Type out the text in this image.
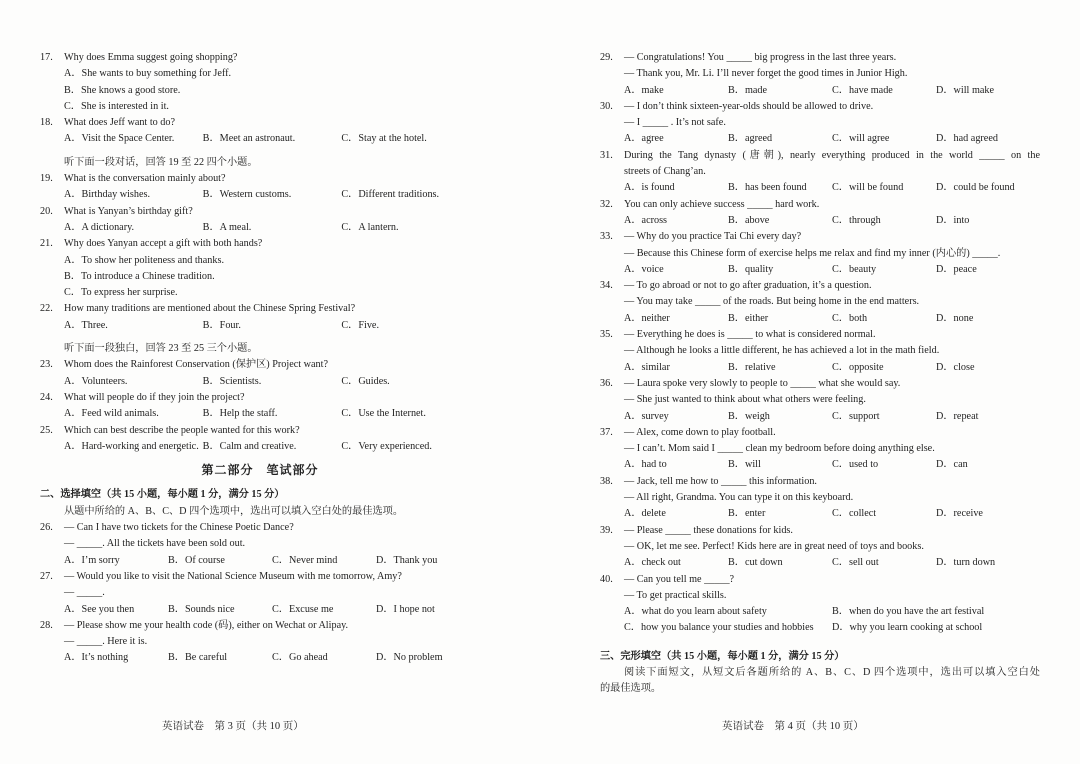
17.	Why does Emma suggest going shopping?
A．She wants to buy something for Jeff.
B．She knows a good store.
C．She is interested in it.
18.	What does Jeff want to do?
A．Visit the Space Center.	B．Meet an astronaut.	C．Stay at the hotel.
听下面一段对话，回答 19 至 22 四个小题。
19.	What is the conversation mainly about?
A．Birthday wishes.	B．Western customs.	C．Different traditions.
20.	What is Yanyan’s birthday gift?
A．A dictionary.	B．A meal.	C．A lantern.
21.	Why does Yanyan accept a gift with both hands?
A．To show her politeness and thanks.
B．To introduce a Chinese tradition.
C．To express her surprise.
22.	How many traditions are mentioned about the Chinese Spring Festival?
A．Three.	B．Four.	C．Five.
听下面一段独白，回答 23 至 25 三个小题。
23.	Whom does the Rainforest Conservation (保护区) Project want?
A．Volunteers.	B．Scientists.	C．Guides.
24.	What will people do if they join the project?
A．Feed wild animals.	B．Help the staff.	C．Use the Internet.
25.	Which can best describe the people wanted for this work?
A．Hard-working and energetic. B．Calm and creative.	C．Very experienced.
第二部分　笔试部分
二、选择填空（共 15 小题，每小题 1 分，满分 15 分）
从题中所给的 A、B、C、D 四个选项中，选出可以填入空白处的最佳选项。
26.	— Can I have two tickets for the Chinese Poetic Dance?
— _____. All the tickets have been sold out.
A．I’m sorry	B．Of course	C．Never mind	D．Thank you
27.	— Would you like to visit the National Science Museum with me tomorrow, Amy?
— _____.
A．See you then	B．Sounds nice	C．Excuse me	D．I hope not
28.	— Please show me your health code (码), either on Wechat or Alipay.
— _____. Here it is.
A．It’s nothing	B．Be careful	C．Go ahead	D．No problem
英语试卷　第 3 页（共 10 页）
29.	— Congratulations! You _____ big progress in the last three years.
— Thank you, Mr. Li. I’ll never forget the good times in Junior High.
A．make	B．made	C．have made	D．will make
30.	— I don’t think sixteen-year-olds should be allowed to drive.
— I _____ . It’s not safe.
A．agree	B．agreed	C．will agree	D．had agreed
31.	During the Tang dynasty (唐朝), nearly everything produced in the world _____ on the
streets of Chang’an.
A．is found	B．has been found	C．will be found	D．could be found
32.	You can only achieve success _____ hard work.
A．across	B．above	C．through	D．into
33.	— Why do you practice Tai Chi every day?
— Because this Chinese form of exercise helps me relax and find my inner (内心的) _____.
A．voice	B．quality	C．beauty	D．peace
34.	— To go abroad or not to go after graduation, it’s a question.
— You may take _____ of the roads. But being home in the end matters.
A．neither	B．either	C．both	D．none
35.	— Everything he does is _____ to what is considered normal.
— Although he looks a little different, he has achieved a lot in the math field.
A．similar	B．relative	C．opposite	D．close
36.	— Laura spoke very slowly to people to _____ what she would say.
— She just wanted to think about what others were feeling.
A．survey	B．weigh	C．support	D．repeat
37.	— Alex, come down to play football.
— I can’t. Mom said I _____ clean my bedroom before doing anything else.
A．had to	B．will	C．used to	D．can
38.	— Jack, tell me how to _____ this information.
— All right, Grandma. You can type it on this keyboard.
A．delete	B．enter	C．collect	D．receive
39.	— Please _____ these donations for kids.
— OK, let me see. Perfect! Kids here are in great need of toys and books.
A．check out	B．cut down	C．sell out	D．turn down
40.	— Can you tell me _____?
— To get practical skills.
A．what do you learn about safety	B．when do you have the art festival
C．how you balance your studies and hobbies	D．why you learn cooking at school
三、完形填空（共 15 小题，每小题 1 分，满分 15 分）
阅读下面短文，从短文后各题所给的 A、B、C、D 四个选项中，选出可以填入空白处
的最佳选项。
英语试卷　第 4 页（共 10 页）
